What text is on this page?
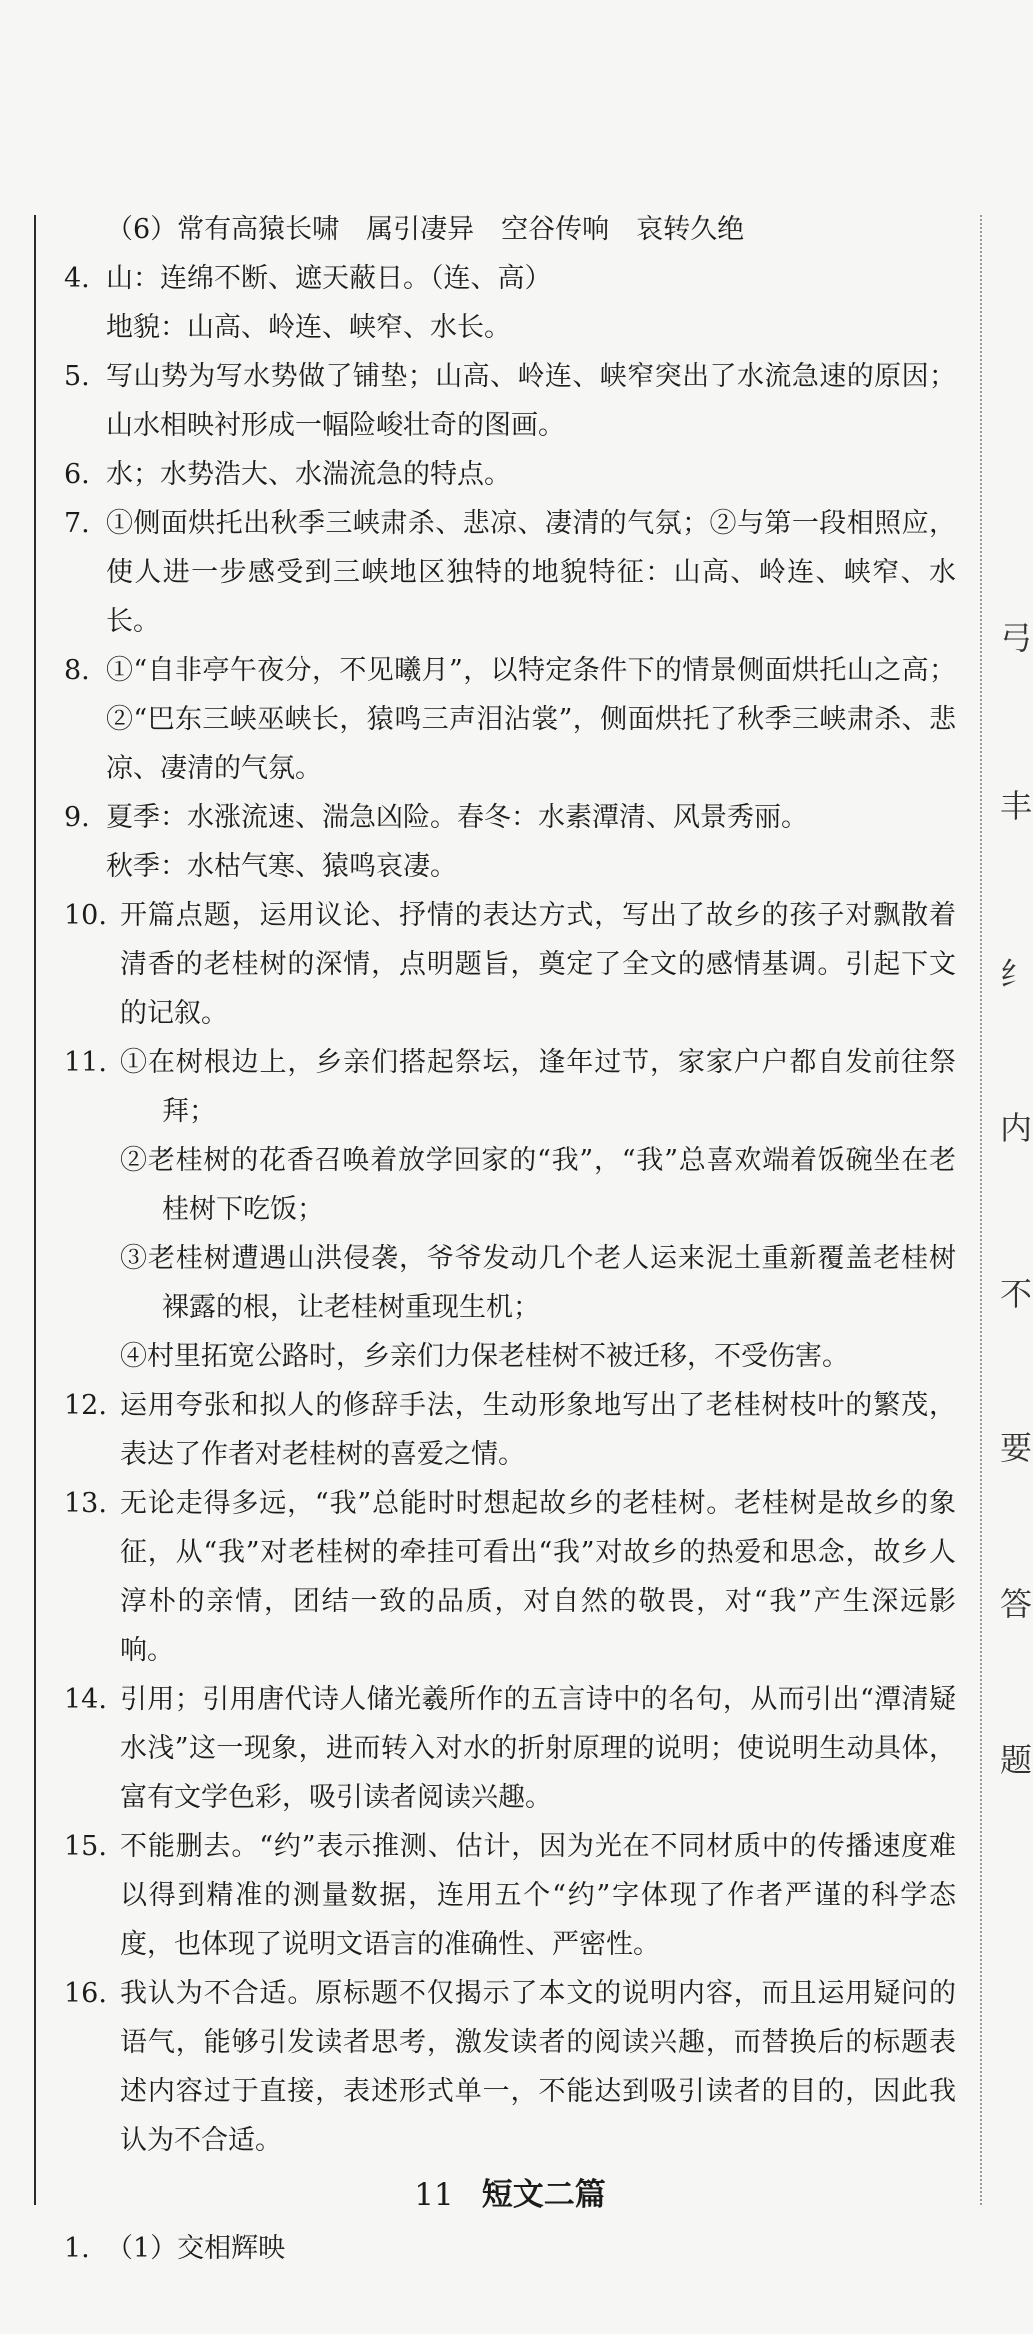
弓
丰
纟
内
不
要
答
题
（6）常有高猿长啸　属引凄异　空谷传响　哀转久绝
4. 山：连绵不断、遮天蔽日。（连、高）
地貌：山高、岭连、峡窄、水长。
5. 写山势为写水势做了铺垫；山高、岭连、峡窄突出了水流急速的原因；山水相映衬形成一幅险峻壮奇的图画。
6. 水；水势浩大、水湍流急的特点。
7. ①侧面烘托出秋季三峡肃杀、悲凉、凄清的气氛；②与第一段相照应，使人进一步感受到三峡地区独特的地貌特征：山高、岭连、峡窄、水长。
8. ①“自非亭午夜分，不见曦月”，以特定条件下的情景侧面烘托山之高；②“巴东三峡巫峡长，猿鸣三声泪沾裳”，侧面烘托了秋季三峡肃杀、悲凉、凄清的气氛。
9. 夏季：水涨流速、湍急凶险。春冬：水素潭清、风景秀丽。
秋季：水枯气寒、猿鸣哀凄。
10. 开篇点题，运用议论、抒情的表达方式，写出了故乡的孩子对飘散着清香的老桂树的深情，点明题旨，奠定了全文的感情基调。引起下文的记叙。
11. ①在树根边上，乡亲们搭起祭坛，逢年过节，家家户户都自发前往祭拜；
②老桂树的花香召唤着放学回家的“我”，“我”总喜欢端着饭碗坐在老桂树下吃饭；
③老桂树遭遇山洪侵袭，爷爷发动几个老人运来泥土重新覆盖老桂树裸露的根，让老桂树重现生机；
④村里拓宽公路时，乡亲们力保老桂树不被迁移，不受伤害。
12. 运用夸张和拟人的修辞手法，生动形象地写出了老桂树枝叶的繁茂，表达了作者对老桂树的喜爱之情。
13. 无论走得多远，“我”总能时时想起故乡的老桂树。老桂树是故乡的象征，从“我”对老桂树的牵挂可看出“我”对故乡的热爱和思念，故乡人淳朴的亲情，团结一致的品质，对自然的敬畏，对“我”产生深远影响。
14. 引用；引用唐代诗人储光羲所作的五言诗中的名句，从而引出“潭清疑水浅”这一现象，进而转入对水的折射原理的说明；使说明生动具体，富有文学色彩，吸引读者阅读兴趣。
15. 不能删去。“约”表示推测、估计，因为光在不同材质中的传播速度难以得到精准的测量数据，连用五个“约”字体现了作者严谨的科学态度，也体现了说明文语言的准确性、严密性。
16. 我认为不合适。原标题不仅揭示了本文的说明内容，而且运用疑问的语气，能够引发读者思考，激发读者的阅读兴趣，而替换后的标题表述内容过于直接，表述形式单一，不能达到吸引读者的目的，因此我认为不合适。
11 短文二篇
1. （1）交相辉映
